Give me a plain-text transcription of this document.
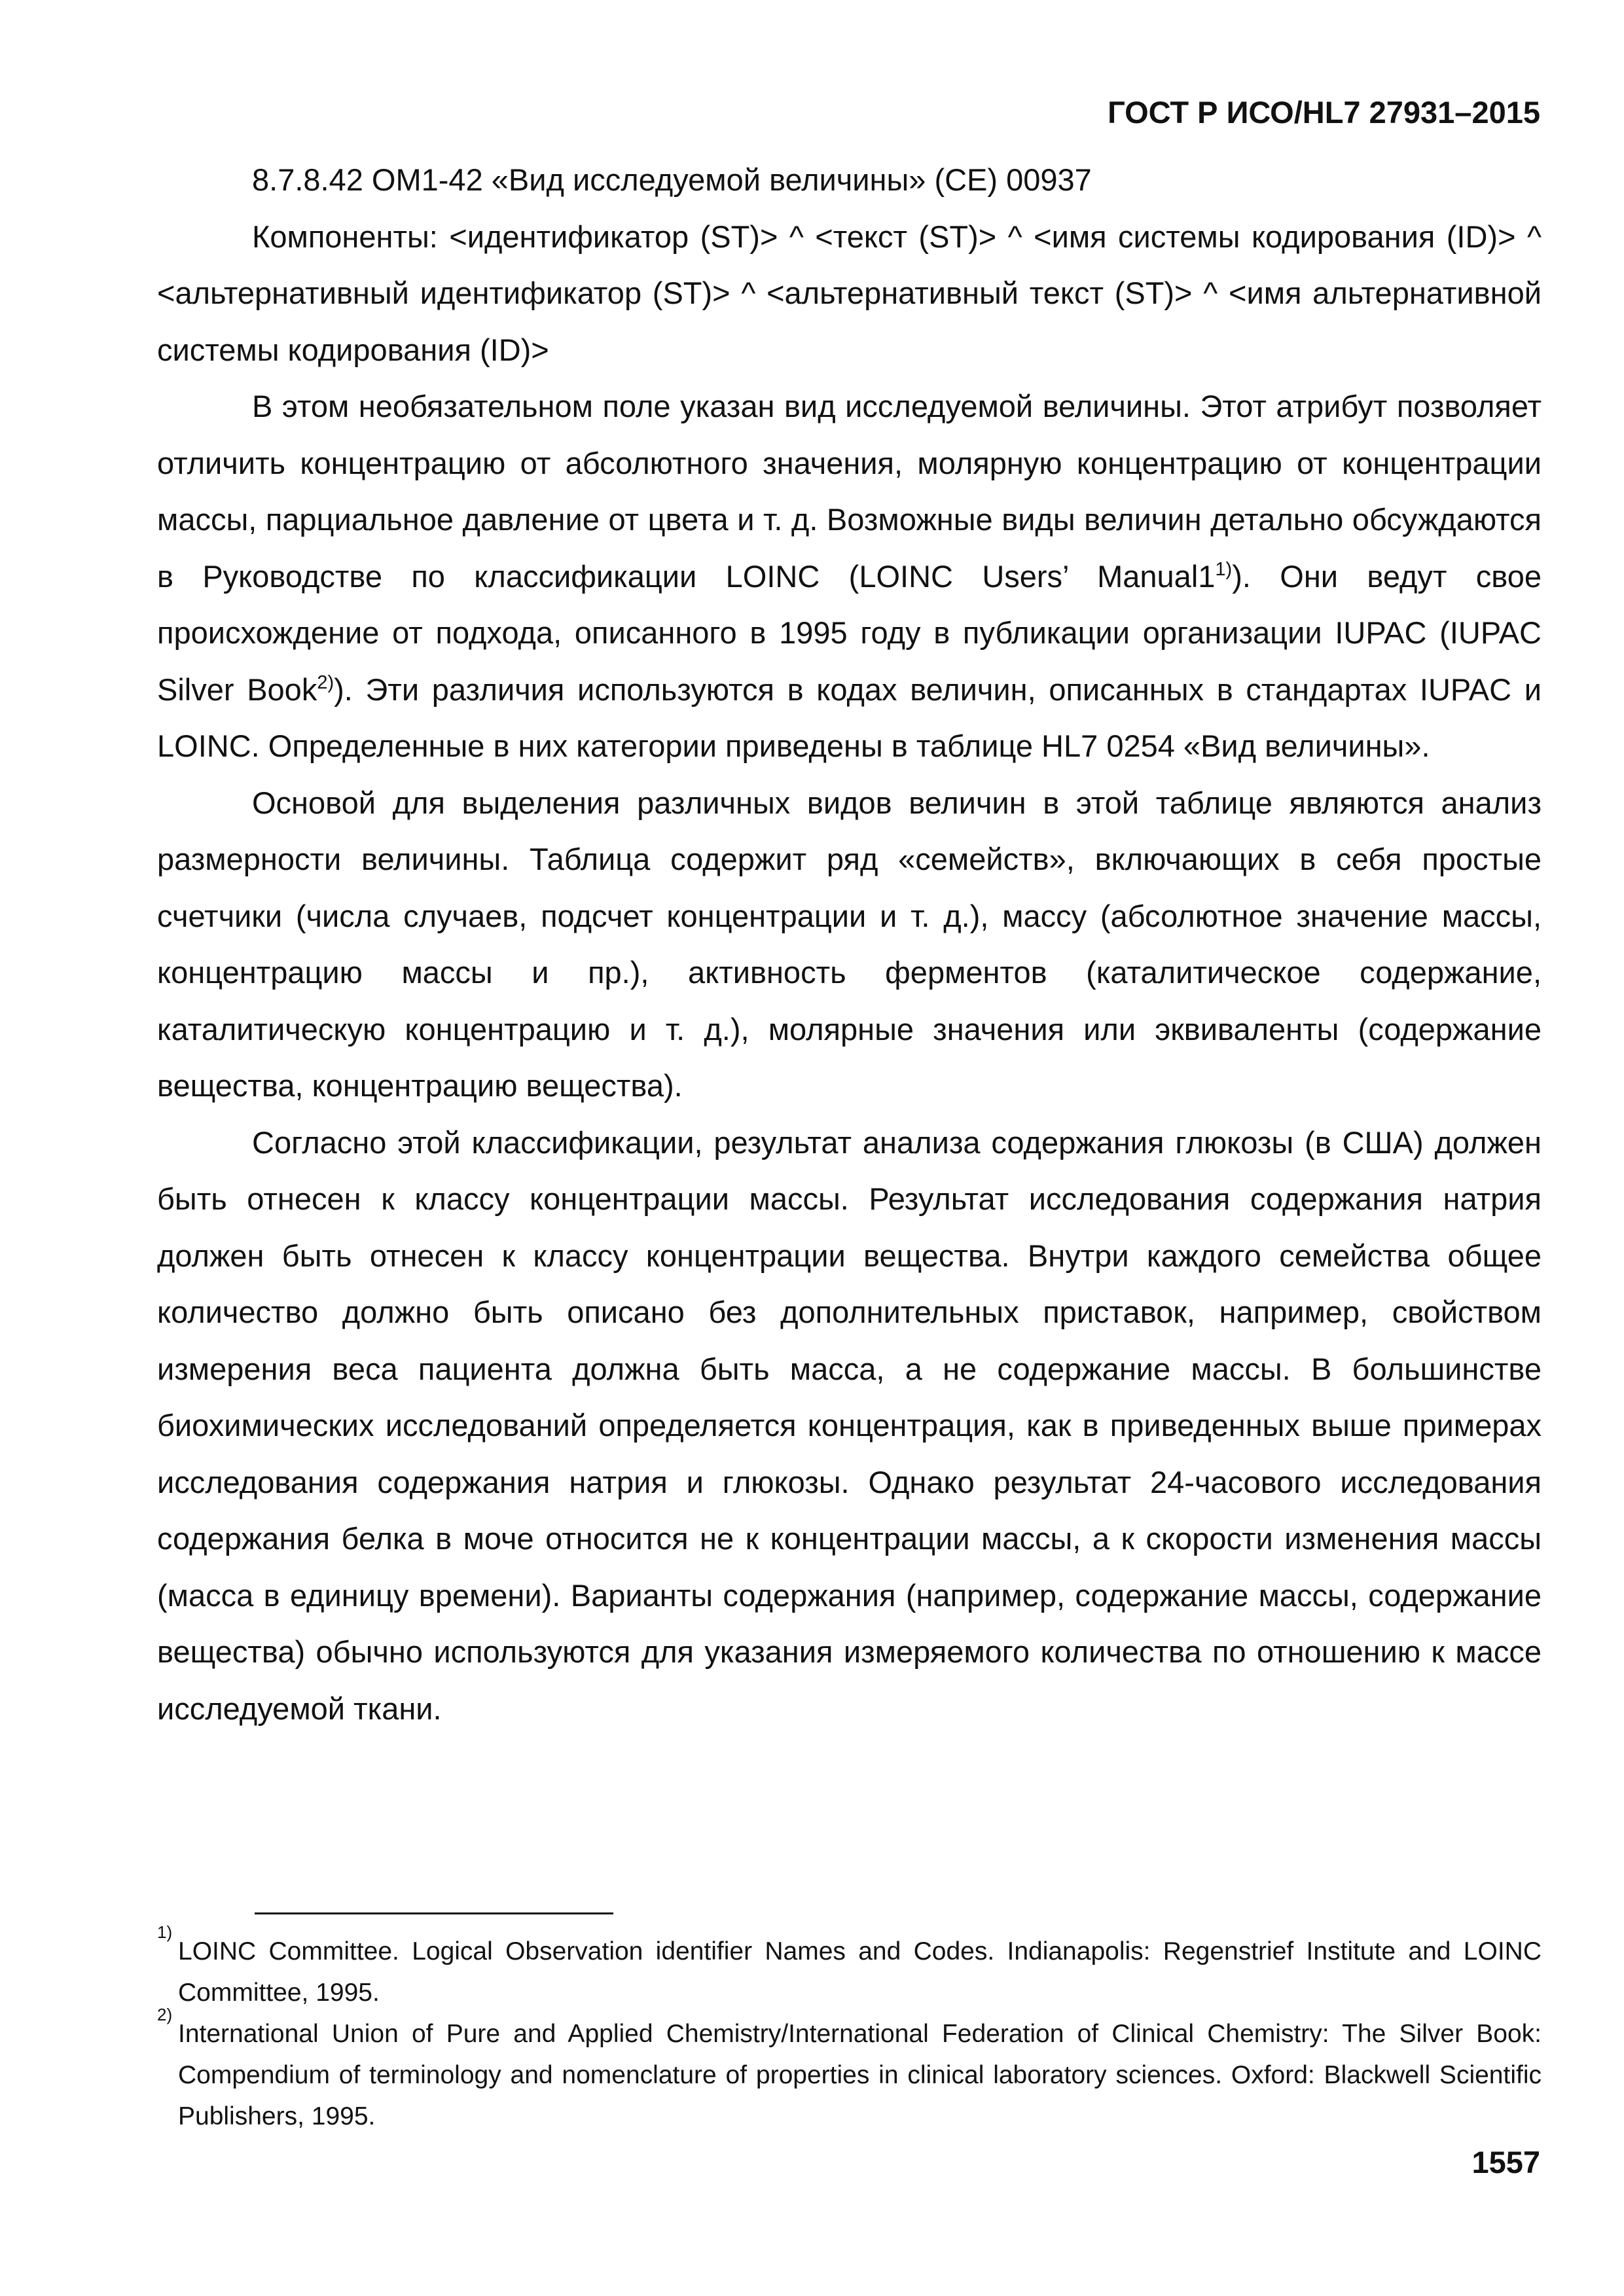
ГОСТ Р ИСО/HL7 27931–2015

8.7.8.42 OM1-42 «Вид исследуемой величины» (CE) 00937

Компоненты: <идентификатор (ST)> ^ <текст (ST)> ^ <имя системы кодирования (ID)> ^ <альтернативный идентификатор (ST)> ^ <альтернативный текст (ST)> ^ <имя альтернативной системы кодирования (ID)>

В этом необязательном поле указан вид исследуемой величины. Этот атрибут позволяет отличить концентрацию от абсолютного значения, молярную концентрацию от концентрации массы, парциальное давление от цвета и т. д. Возможные виды величин детально обсуждаются в Руководстве по классификации LOINC (LOINC Users’ Manual1$^{1)}$). Они ведут свое происхождение от подхода, описанного в 1995 году в публикации организации IUPAC (IUPAC Silver Book$^{2)}$). Эти различия используются в кодах величин, описанных в стандартах IUPAC и LOINC. Определенные в них категории приведены в таблице HL7 0254 «Вид величины».

Основой для выделения различных видов величин в этой таблице являются анализ размерности величины. Таблица содержит ряд «семейств», включающих в себя простые счетчики (числа случаев, подсчет концентрации и т. д.), массу (абсолютное значение массы, концентрацию массы и пр.), активность ферментов (каталитическое содержание, каталитическую концентрацию и т. д.), молярные значения или эквиваленты (содержание вещества, концентрацию вещества).

Согласно этой классификации, результат анализа содержания глюкозы (в США) должен быть отнесен к классу концентрации массы. Результат исследования содержания натрия должен быть отнесен к классу концентрации вещества. Внутри каждого семейства общее количество должно быть описано без дополнительных приставок, например, свойством измерения веса пациента должна быть масса, а не содержание массы. В большинстве биохимических исследований определяется концентрация, как в приведенных выше примерах исследования содержания натрия и глюкозы. Однако результат 24-часового исследования содержания белка в моче относится не к концентрации массы, а к скорости изменения массы (масса в единицу времени). Варианты содержания (например, содержание массы, содержание вещества) обычно используются для указания измеряемого количества по отношению к массе исследуемой ткани.

1)
LOINC Committee. Logical Observation identifier Names and Codes. Indianapolis: Regenstrief Institute and LOINC Committee, 1995.

2)
International Union of Pure and Applied Chemistry/International Federation of Clinical Chemistry: The Silver Book: Compendium of terminology and nomenclature of properties in clinical laboratory sciences. Oxford: Blackwell Scientific Publishers, 1995.

1557
